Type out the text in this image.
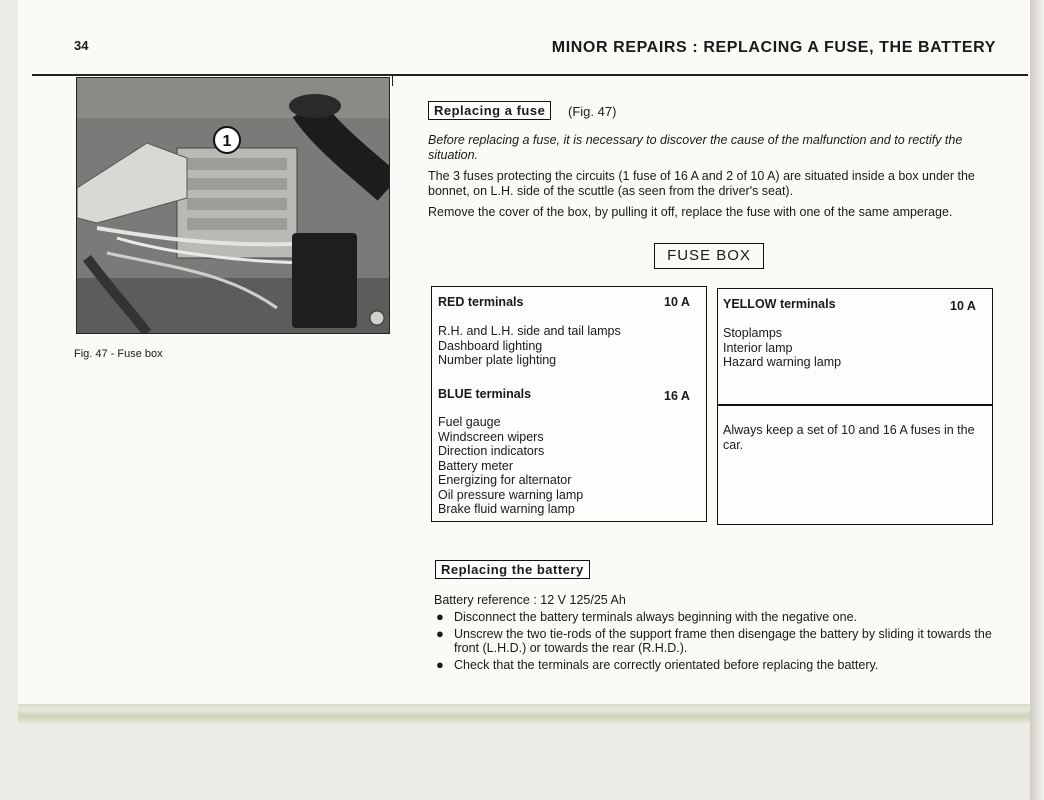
34	MINOR REPAIRS : REPLACING A FUSE, THE BATTERY
1
Fig. 47 - Fuse box
Replacing a fuse	(Fig. 47)
Before replacing a fuse, it is necessary to discover the cause of the malfunction and to rectify the situation.
The 3 fuses protecting the circuits (1 fuse of 16 A and 2 of 10 A) are situated inside a box under the bonnet, on L.H. side of the scuttle (as seen from the driver's seat).
Remove the cover of the box, by pulling it off, replace the fuse with one of the same amperage.
FUSE BOX
RED terminals	10 A
R.H. and L.H. side and tail lamps
Dashboard lighting
Number plate lighting
BLUE terminals	16 A
Fuel gauge
Windscreen wipers
Direction indicators
Battery meter
Energizing for alternator
Oil pressure warning lamp
Brake fluid warning lamp
YELLOW terminals	10 A
Stoplamps
Interior lamp
Hazard warning lamp
Always keep a set of 10 and 16 A fuses in the car.
Replacing the battery
Battery reference : 12 V 125/25 Ah
● Disconnect the battery terminals always beginning with the negative one.
● Unscrew the two tie-rods of the support frame then disengage the battery by sliding it towards the front (L.H.D.) or towards the rear (R.H.D.).
● Check that the terminals are correctly orientated before replacing the battery.
